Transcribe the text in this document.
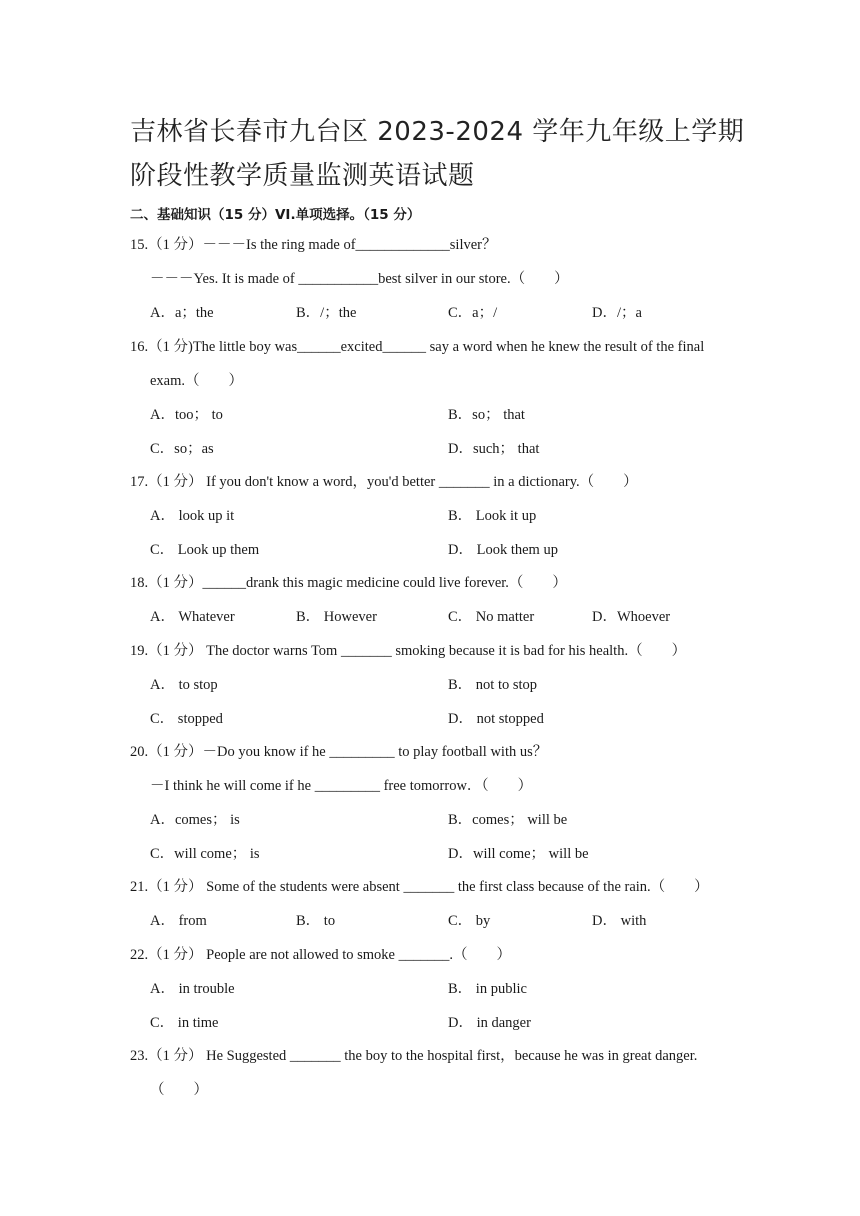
吉林省长春市九台区 2023-2024 学年九年级上学期
阶段性教学质量监测英语试题
二、基础知识（15 分）VI.单项选择。（15 分）
15.（1 分）－－－Is the ring made of_____________silver？
－－－Yes. It is made of ___________best silver in our store.（　　）
A．a；the	B．/；the	C．a；/	D．/；a
16.（1 分)The little boy was______excited______ say a word when he knew the result of the final
exam.（　　）
A．too； to	B．so； that
C．so；as	D．such； that
17.（1 分） If you don't know a word，you'd better _______ in a dictionary.（　　）
A． look up it	B． Look it up
C． Look up them	D． Look them up
18.（1 分）______drank this magic medicine could live forever.（　　）
A． Whatever	B． However	C． No matter	D．Whoever
19.（1 分） The doctor warns Tom _______ smoking because it is bad for his health.（　　）
A． to stop	B． not to stop
C． stopped	D． not stopped
20.（1 分）－Do you know if he _________ to play football with us？
－I think he will come if he _________ free tomorrow．（　　）
A．comes； is	B．comes； will be
C．will come； is	D．will come； will be
21.（1 分） Some of the students were absent _______ the first class because of the rain.（　　）
A． from	B． to	C． by	D． with
22.（1 分） People are not allowed to smoke _______.（　　）
A． in trouble	B． in public
C． in time	D． in danger
23.（1 分） He Suggested _______ the boy to the hospital first，because he was in great danger.
（　　）
